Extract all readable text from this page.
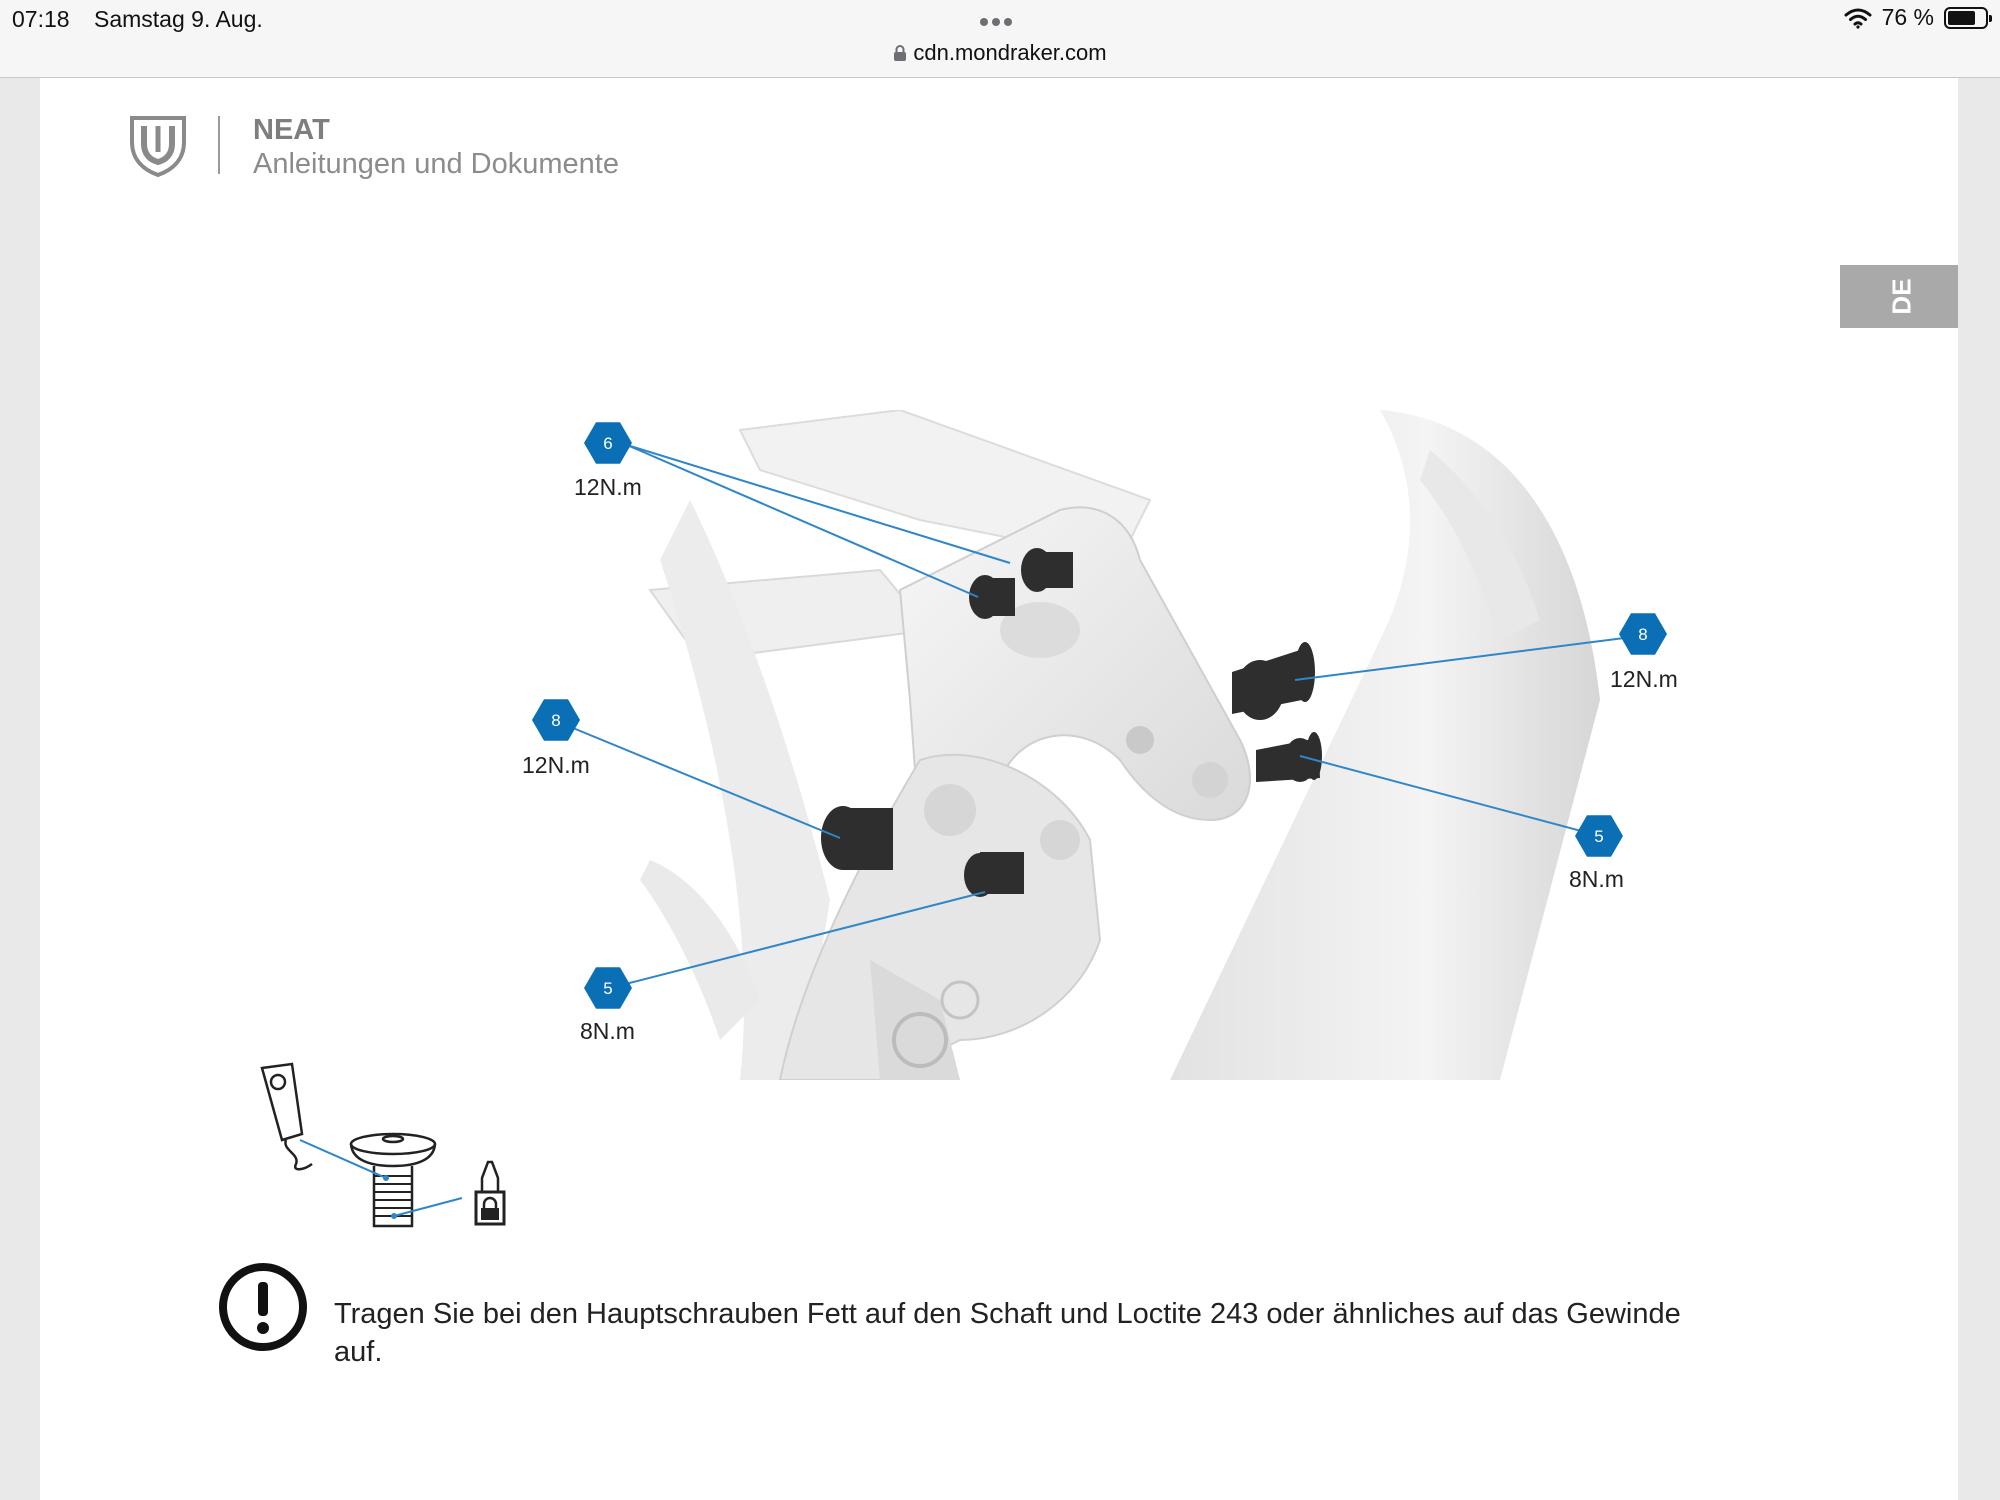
07:18 Samstag 9. Aug.
cdn.mondraker.com
76 %
NEAT
Anleitungen und Dokumente
DE
6
8
8
5
5
12N.m
12N.m
12N.m
8N.m
8N.m
Tragen Sie bei den Hauptschrauben Fett auf den Schaft und Loctite 243 oder ähnliches auf das Gewinde auf.
